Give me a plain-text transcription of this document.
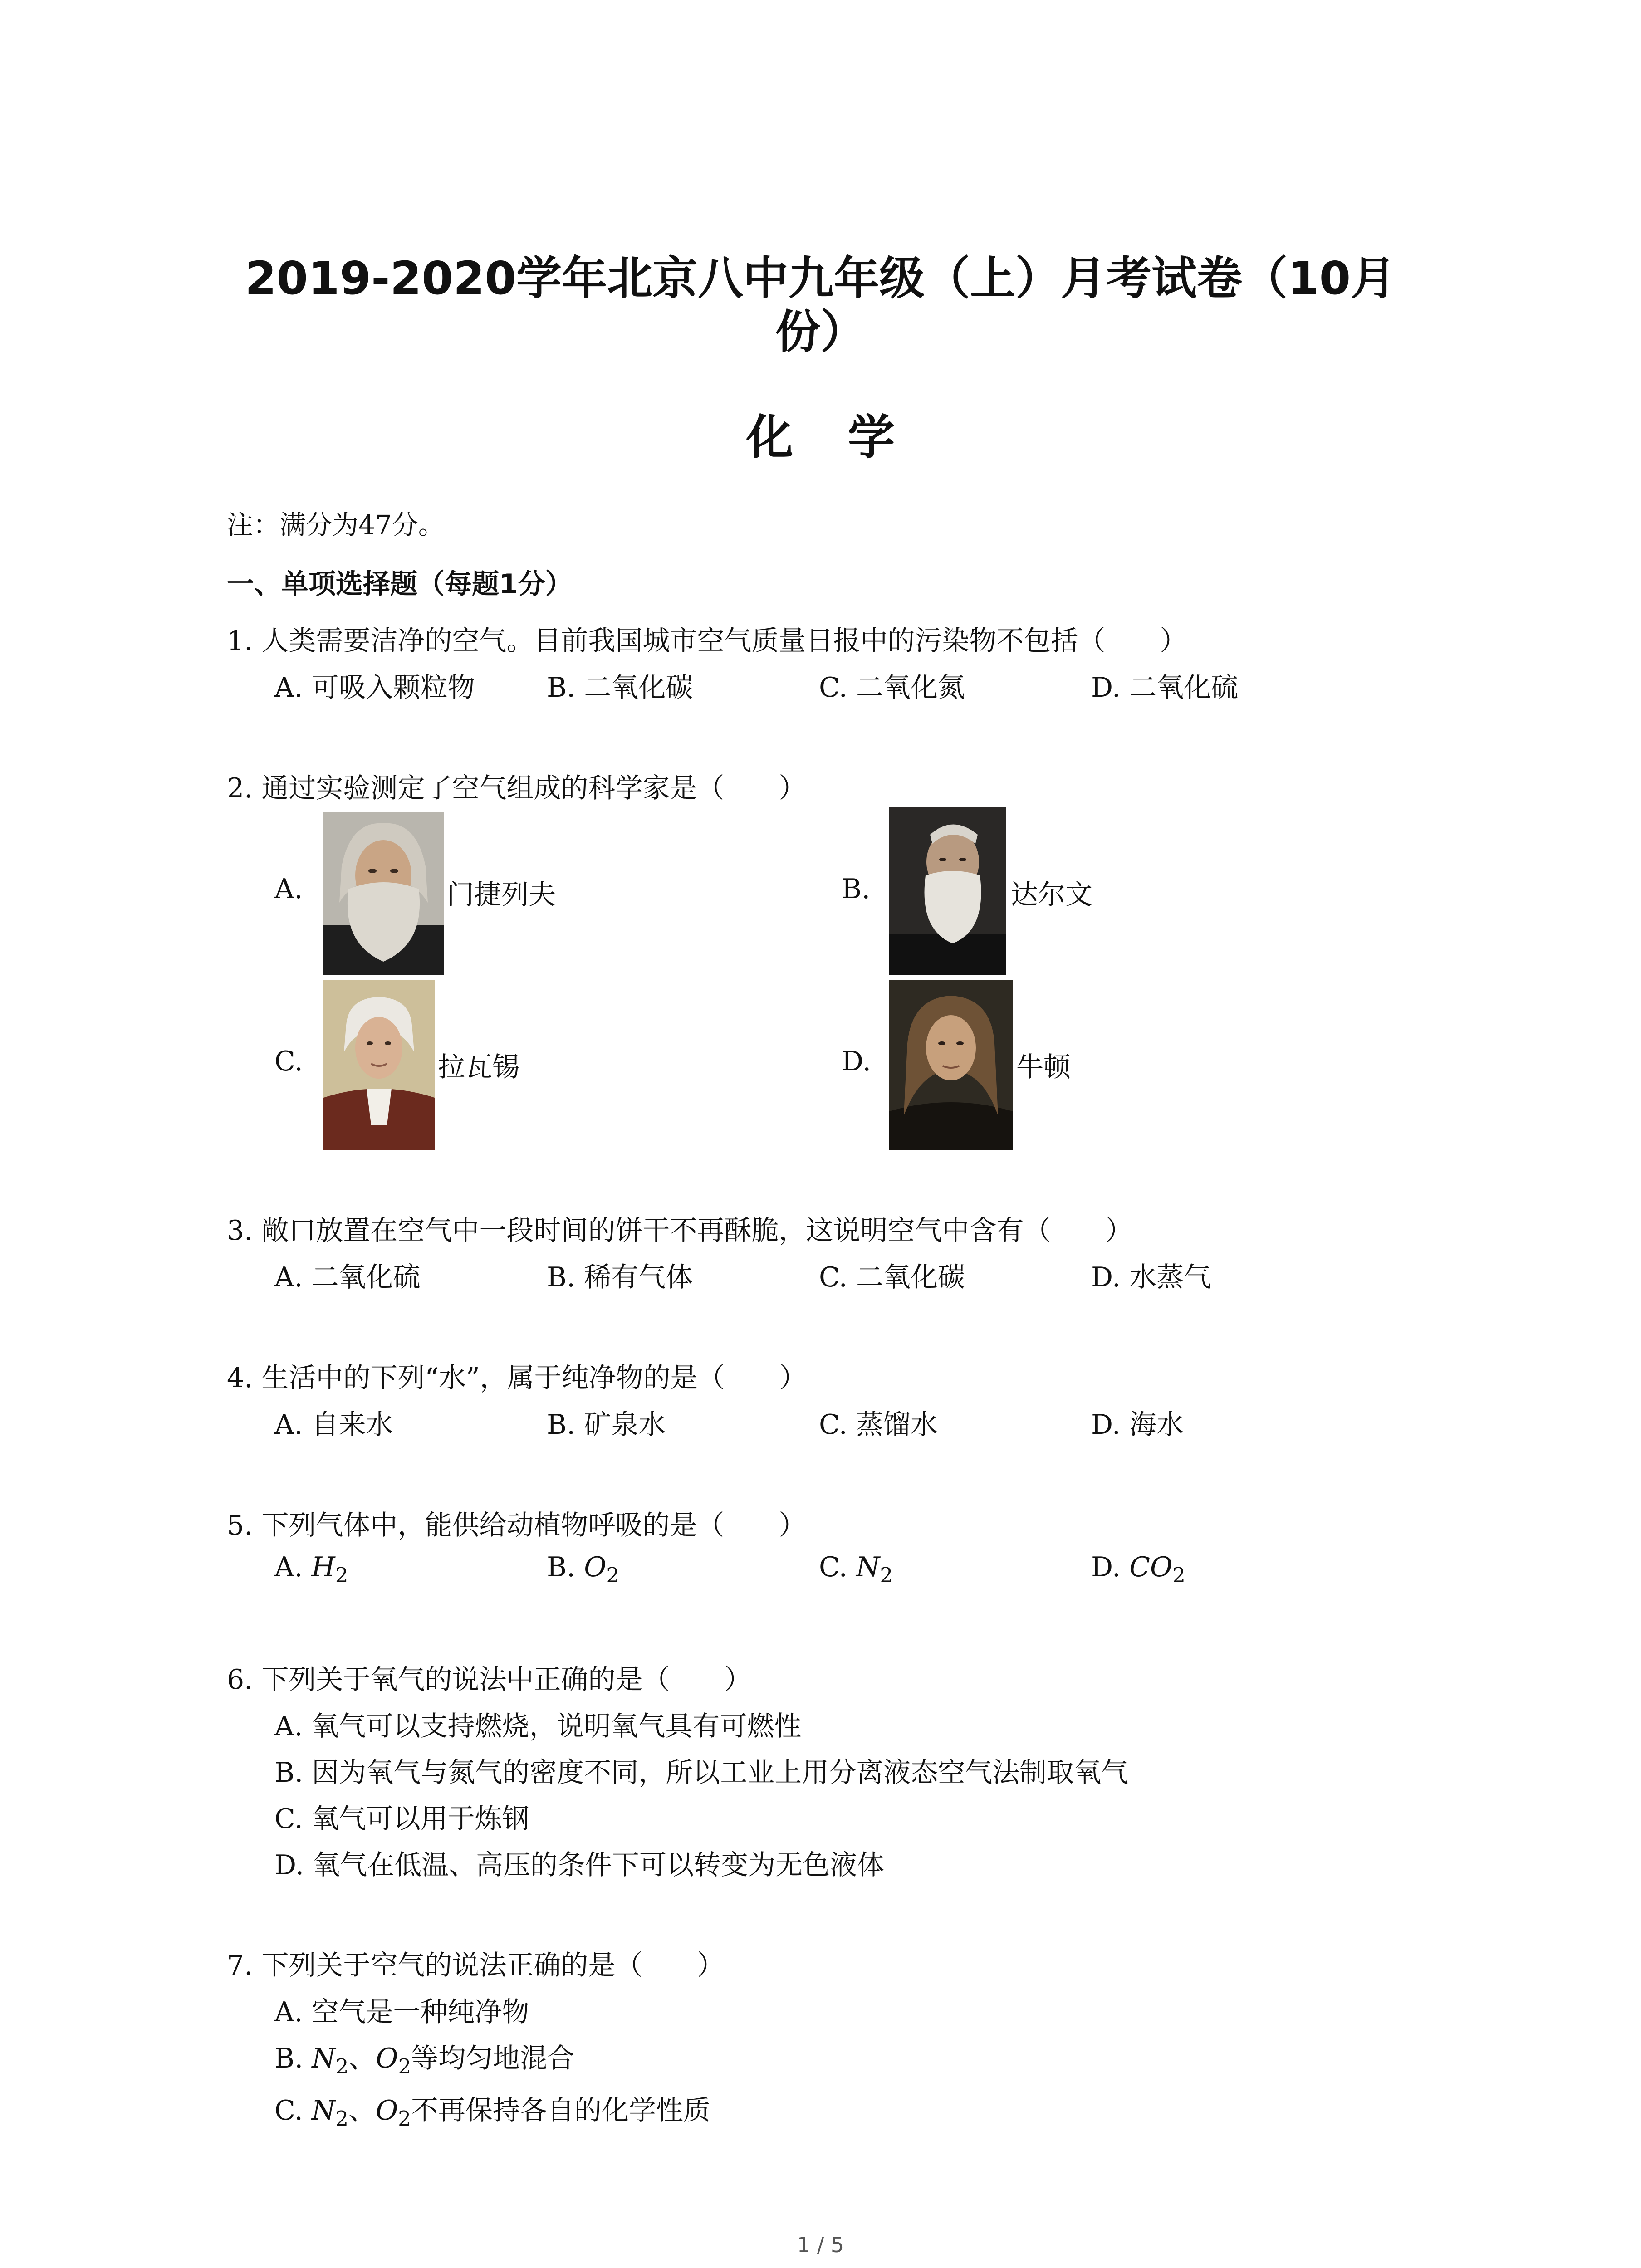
2019-2020学年北京八中九年级（上）月考试卷（10月
份）
化学
注：满分为47分。
一、单项选择题（每题1分）
1. 人类需要洁净的空气。目前我国城市空气质量日报中的污染物不包括（　　）
A. 可吸入颗粒物	B. 二氧化碳	C. 二氧化氮	D. 二氧化硫
2. 通过实验测定了空气组成的科学家是（　　）
A.	门捷列夫	B.	达尔文
C.	拉瓦锡	D.	牛顿
3. 敞口放置在空气中一段时间的饼干不再酥脆，这说明空气中含有（　　）
A. 二氧化硫	B. 稀有气体	C. 二氧化碳	D. 水蒸气
4. 生活中的下列“水”，属于纯净物的是（　　）
A. 自来水	B. 矿泉水	C. 蒸馏水	D. 海水
5. 下列气体中，能供给动植物呼吸的是（　　）
A. $H_2$	B. $O_2$	C. $N_2$	D. $CO_2$
6. 下列关于氧气的说法中正确的是（　　）
A. 氧气可以支持燃烧，说明氧气具有可燃性
B. 因为氧气与氮气的密度不同，所以工业上用分离液态空气法制取氧气
C. 氧气可以用于炼钢
D. 氧气在低温、高压的条件下可以转变为无色液体
7. 下列关于空气的说法正确的是（　　）
A. 空气是一种纯净物
B. $N_2$、$O_2$等均匀地混合
C. $N_2$、$O_2$不再保持各自的化学性质
1 / 5
